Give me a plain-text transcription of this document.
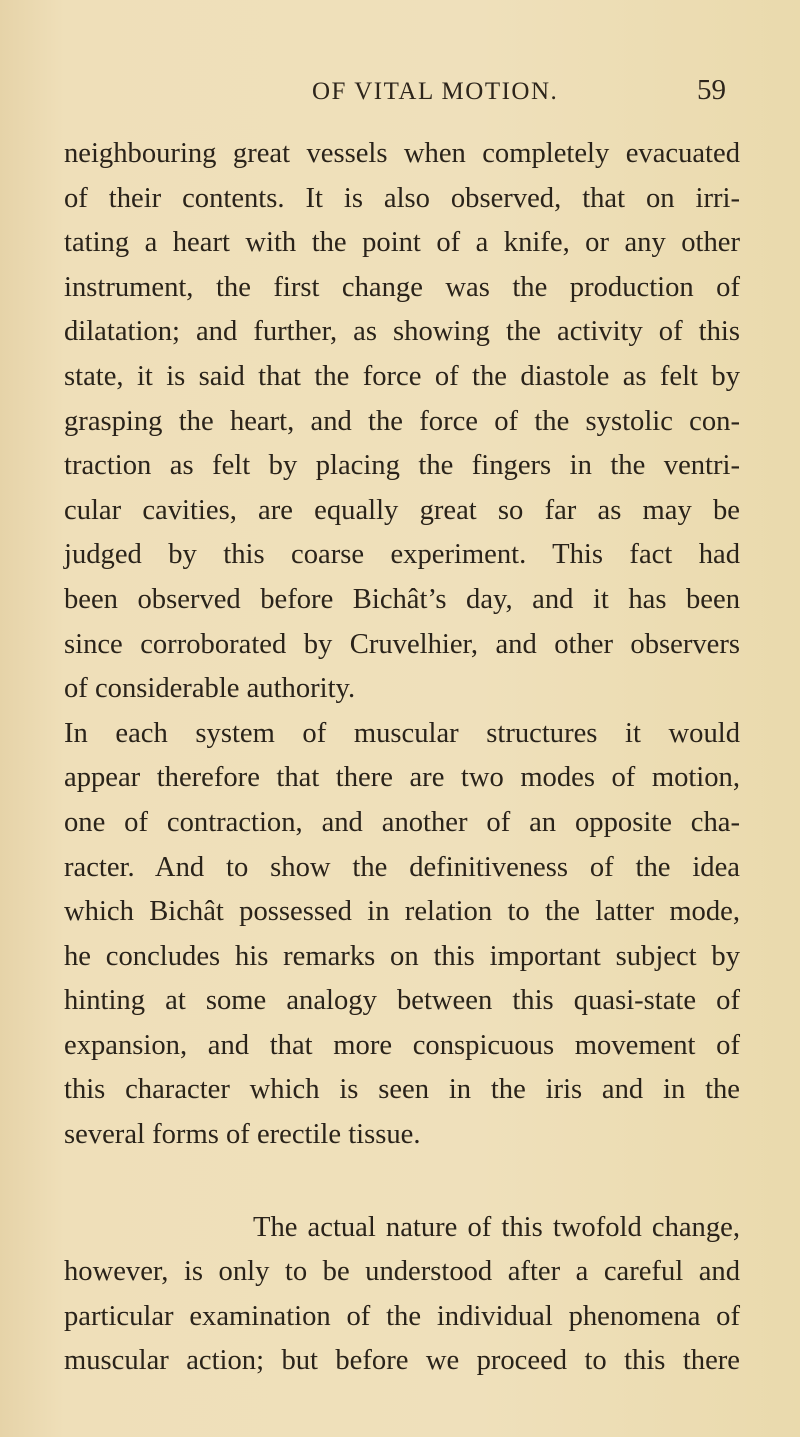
OF VITAL MOTION.	59

neighbouring great vessels when completely evacuated
of their contents. It is also observed, that on irri-
tating a heart with the point of a knife, or any other
instrument, the first change was the production of
dilatation; and further, as showing the activity of this
state, it is said that the force of the diastole as felt by
grasping the heart, and the force of the systolic con-
traction as felt by placing the fingers in the ventri-
cular cavities, are equally great so far as may be
judged by this coarse experiment. This fact had
been observed before Bichât’s day, and it has been
since corroborated by Cruvelhier, and other observers
of considerable authority.

In each system of muscular structures it would
appear therefore that there are two modes of motion,
one of contraction, and another of an opposite cha-
racter. And to show the definitiveness of the idea
which Bichât possessed in relation to the latter mode,
he concludes his remarks on this important subject by
hinting at some analogy between this quasi-state of
expansion, and that more conspicuous movement of
this character which is seen in the iris and in the
several forms of erectile tissue.

The actual nature of this twofold change,
however, is only to be understood after a careful and
particular examination of the individual phenomena of
muscular action; but before we proceed to this there
